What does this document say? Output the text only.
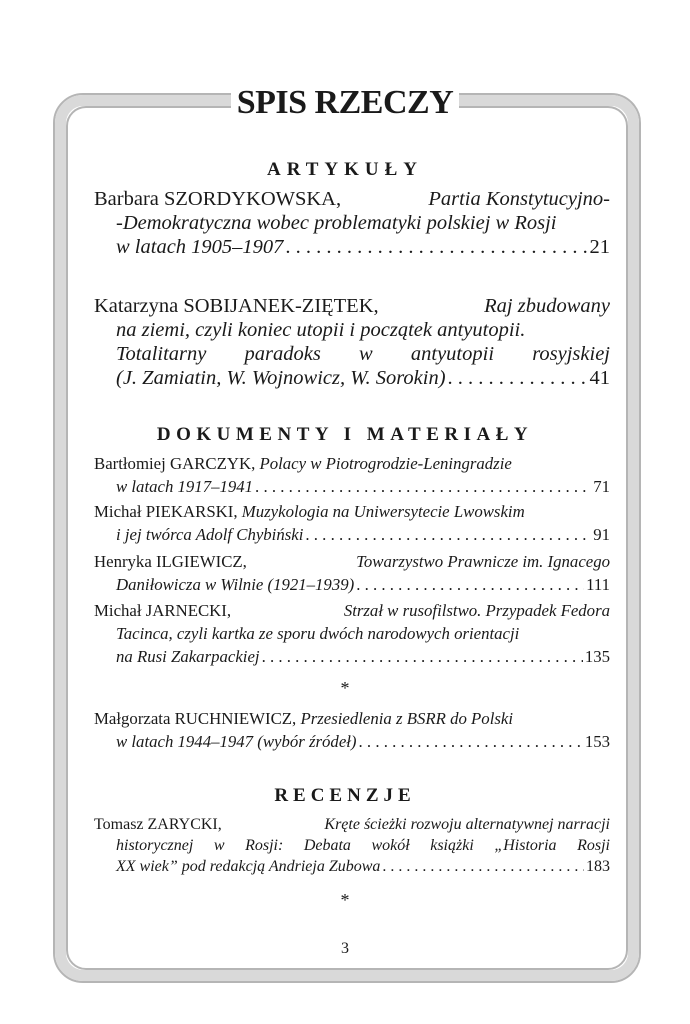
SPIS RZECZY
ARTYKUŁY
Barbara SZORDYKOWSKA,	Partia Konstytucyjno-
-Demokratyczna wobec problematyki polskiej w Rosji
w latach 1905–1907 . . .	21
Katarzyna SOBIJANEK-ZIĘTEK,	Raj zbudowany
na ziemi, czyli koniec utopii i początek antyutopii.
Totalitarny paradoks w antyutopii rosyjskiej
(J. Zamiatin, W. Wojnowicz, W. Sorokin) . . .	41
DOKUMENTY I MATERIAŁY
Bartłomiej GARCZYK, Polacy w Piotrogrodzie-Leningradzie
w latach 1917–1941 . . .	71
Michał PIEKARSKI, Muzykologia na Uniwersytecie Lwowskim
i jej twórca Adolf Chybiński . . .	91
Henryka ILGIEWICZ,	Towarzystwo Prawnicze im. Ignacego
Daniłowicza w Wilnie (1921–1939) . . .	111
Michał JARNECKI,	Strzał w rusofilstwo. Przypadek Fedora
Tacinca, czyli kartka ze sporu dwóch narodowych orientacji
na Rusi Zakarpackiej . . .	135
*
Małgorzata RUCHNIEWICZ, Przesiedlenia z BSRR do Polski
w latach 1944–1947 (wybór źródeł) . . .	153
RECENZJE
Tomasz ZARYCKI,	Kręte ścieżki rozwoju alternatywnej narracji
historycznej w Rosji: Debata wokół książki „Historia Rosji
XX wiek” pod redakcją Andrieja Zubowa . . .	183
*
3
